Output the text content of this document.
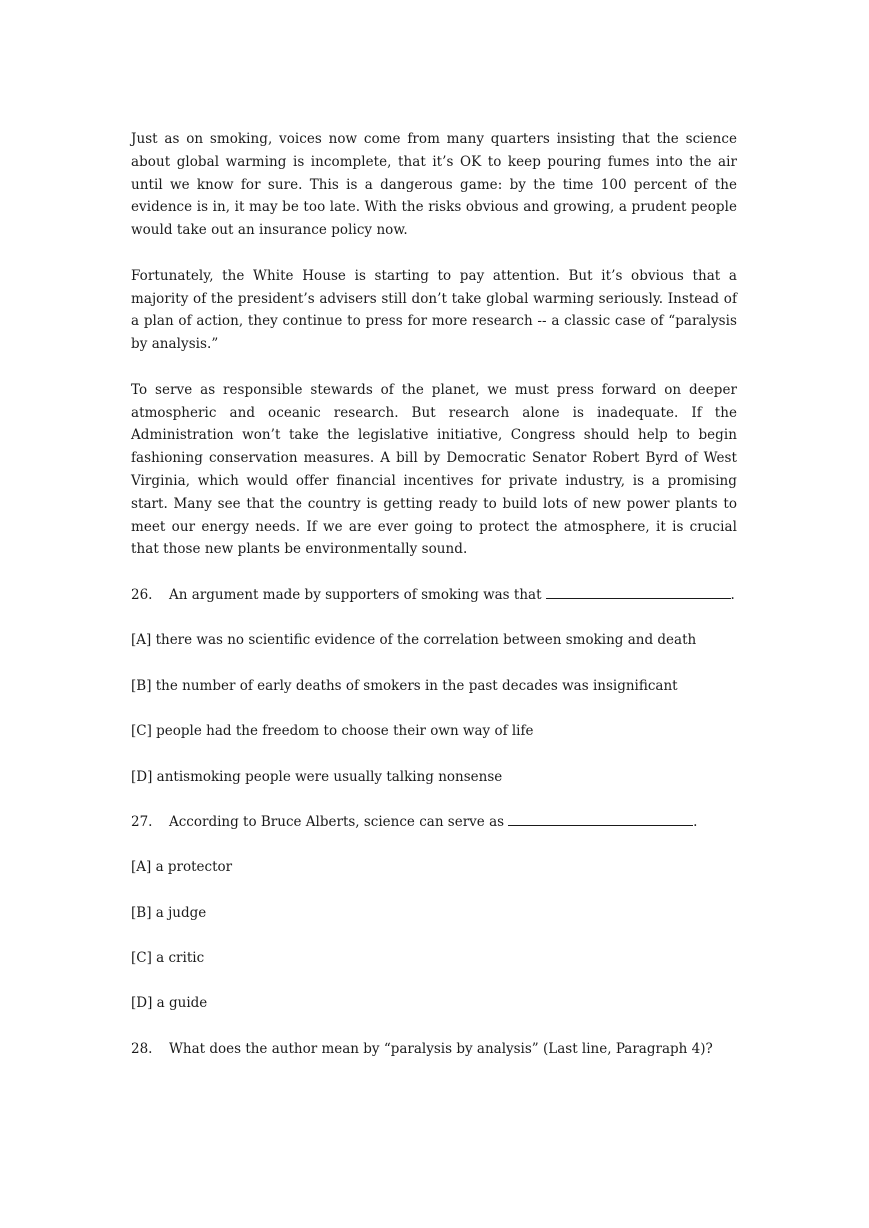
Just as on smoking, voices now come from many quarters insisting that the science about global warming is incomplete, that it’s OK to keep pouring fumes into the air until we know for sure. This is a dangerous game: by the time 100 percent of the evidence is in, it may be too late. With the risks obvious and growing, a prudent people would take out an insurance policy now.

Fortunately, the White House is starting to pay attention. But it’s obvious that a majority of the president’s advisers still don’t take global warming seriously. Instead of a plan of action, they continue to press for more research -- a classic case of “paralysis by analysis.”

To serve as responsible stewards of the planet, we must press forward on deeper atmospheric and oceanic research. But research alone is inadequate. If the Administration won’t take the legislative initiative, Congress should help to begin fashioning conservation measures. A bill by Democratic Senator Robert Byrd of West Virginia, which would offer financial incentives for private industry, is a promising start. Many see that the country is getting ready to build lots of new power plants to meet our energy needs. If we are ever going to protect the atmosphere, it is crucial that those new plants be environmentally sound.

26. An argument made by supporters of smoking was that	.
[A] there was no scientific evidence of the correlation between smoking and death
[B] the number of early deaths of smokers in the past decades was insignificant
[C] people had the freedom to choose their own way of life
[D] antismoking people were usually talking nonsense
27. According to Bruce Alberts, science can serve as	.
[A] a protector
[B] a judge
[C] a critic
[D] a guide
28. What does the author mean by “paralysis by analysis” (Last line, Paragraph 4)?
